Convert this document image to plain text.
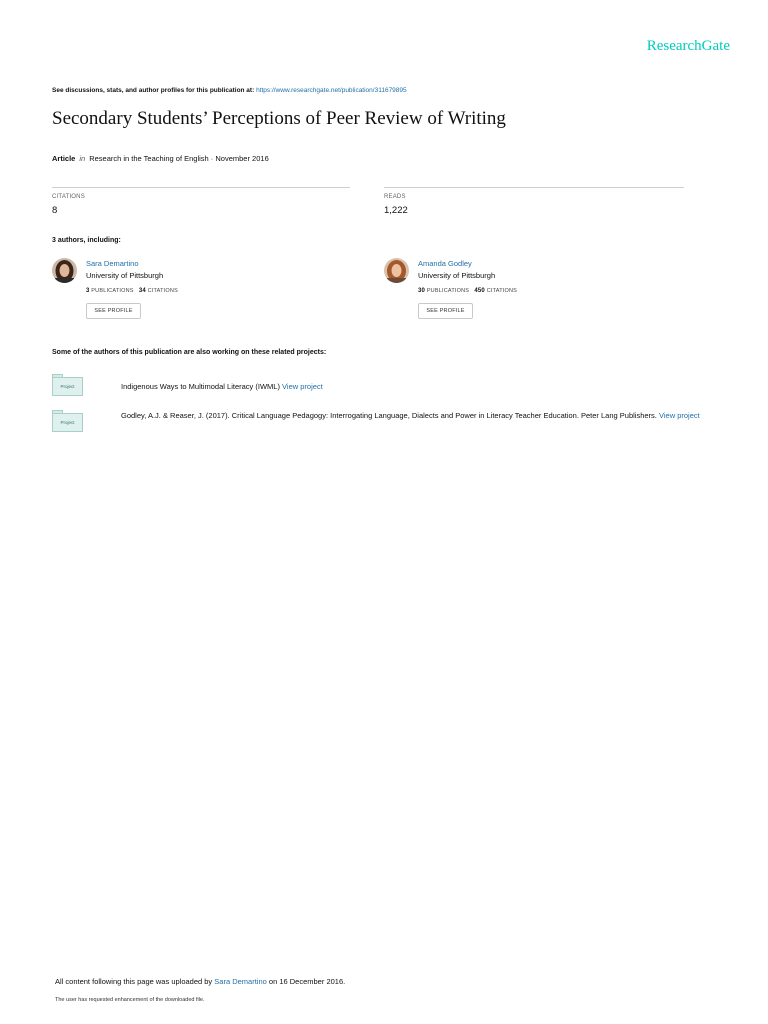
ResearchGate
See discussions, stats, and author profiles for this publication at: https://www.researchgate.net/publication/311679895
Secondary Students’ Perceptions of Peer Review of Writing
Article in Research in the Teaching of English · November 2016
CITATIONS
8
READS
1,222
3 authors, including:
Sara Demartino
University of Pittsburgh
3 PUBLICATIONS 34 CITATIONS
SEE PROFILE
Amanda Godley
University of Pittsburgh
30 PUBLICATIONS 450 CITATIONS
SEE PROFILE
Some of the authors of this publication are also working on these related projects:
Project	Indigenous Ways to Multimodal Literacy (IWML) View project
Project
Godley, A.J. & Reaser, J. (2017). Critical Language Pedagogy: Interrogating Language, Dialects and Power in Literacy Teacher Education. Peter Lang Publishers. View project
All content following this page was uploaded by Sara Demartino on 16 December 2016.
The user has requested enhancement of the downloaded file.
